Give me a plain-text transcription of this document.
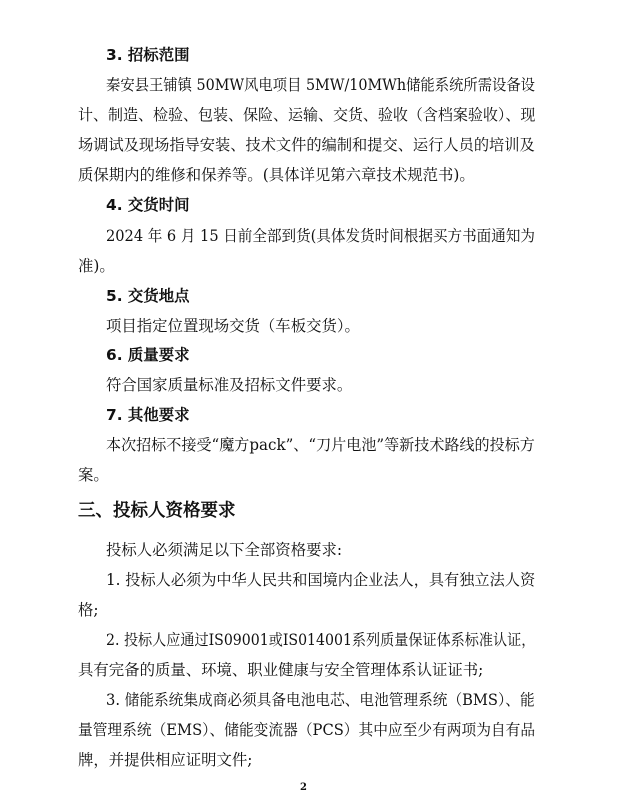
3. 招标范围
秦安县王铺镇 50MW风电项目 5MW/10MWh储能系统所需设备设
计、制造、检验、包装、保险、运输、交货、验收（含档案验收）、现
场调试及现场指导安装、技术文件的编制和提交、运行人员的培训及
质保期内的维修和保养等。(具体详见第六章技术规范书)。
4. 交货时间
2024 年 6 月 15 日前全部到货(具体发货时间根据买方书面通知为
准)。
5. 交货地点
项目指定位置现场交货（车板交货）。
6. 质量要求
符合国家质量标准及招标文件要求。
7. 其他要求
本次招标不接受“魔方pack”、“刀片电池”等新技术路线的投标方
案。
三、投标人资格要求
投标人必须满足以下全部资格要求:
1. 投标人必须为中华人民共和国境内企业法人，具有独立法人资
格;
2. 投标人应通过IS09001或IS014001系列质量保证体系标准认证，
具有完备的质量、环境、职业健康与安全管理体系认证证书;
3. 储能系统集成商必须具备电池电芯、电池管理系统（BMS）、能
量管理系统（EMS）、储能变流器（PCS）其中应至少有两项为自有品
牌，并提供相应证明文件;
2
